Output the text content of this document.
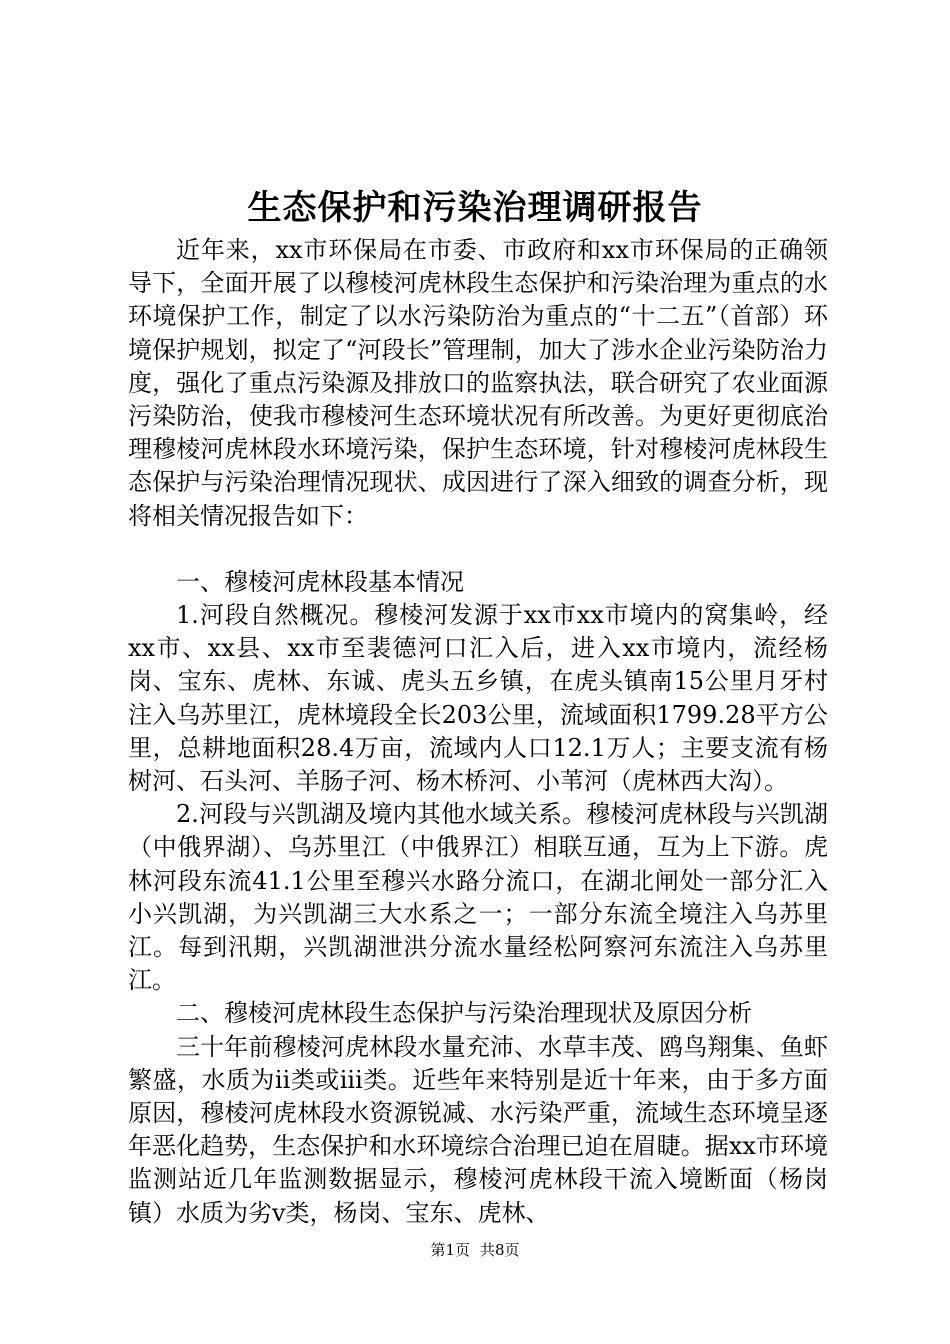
生态保护和污染治理调研报告

近年来，xx市环保局在市委、市政府和xx市环保局的正确领导下，全面开展了以穆棱河虎林段生态保护和污染治理为重点的水环境保护工作，制定了以水污染防治为重点的“十二五”（首部）环境保护规划，拟定了“河段长”管理制，加大了涉水企业污染防治力度，强化了重点污染源及排放口的监察执法，联合研究了农业面源污染防治，使我市穆棱河生态环境状况有所改善。为更好更彻底治理穆棱河虎林段水环境污染，保护生态环境，针对穆棱河虎林段生态保护与污染治理情况现状、成因进行了深入细致的调查分析，现将相关情况报告如下：

一、穆棱河虎林段基本情况

1.河段自然概况。穆棱河发源于xx市xx市境内的窝集岭，经xx市、xx县、xx市至裴德河口汇入后，进入xx市境内，流经杨岗、宝东、虎林、东诚、虎头五乡镇，在虎头镇南15公里月牙村注入乌苏里江，虎林境段全长203公里，流域面积1799.28平方公里，总耕地面积28.4万亩，流域内人口12.1万人；主要支流有杨树河、石头河、羊肠子河、杨木桥河、小苇河（虎林西大沟）。

2.河段与兴凯湖及境内其他水域关系。穆棱河虎林段与兴凯湖（中俄界湖）、乌苏里江（中俄界江）相联互通，互为上下游。虎林河段东流41.1公里至穆兴水路分流口，在湖北闸处一部分汇入小兴凯湖，为兴凯湖三大水系之一；一部分东流全境注入乌苏里江。每到汛期，兴凯湖泄洪分流水量经松阿察河东流注入乌苏里江。

二、穆棱河虎林段生态保护与污染治理现状及原因分析

三十年前穆棱河虎林段水量充沛、水草丰茂、鸥鸟翔集、鱼虾繁盛，水质为ii类或iii类。近些年来特别是近十年来，由于多方面原因，穆棱河虎林段水资源锐减、水污染严重，流域生态环境呈逐年恶化趋势，生态保护和水环境综合治理已迫在眉睫。据xx市环境监测站近几年监测数据显示，穆棱河虎林段干流入境断面（杨岗镇）水质为劣v类，杨岗、宝东、虎林、

第1页 共8页
